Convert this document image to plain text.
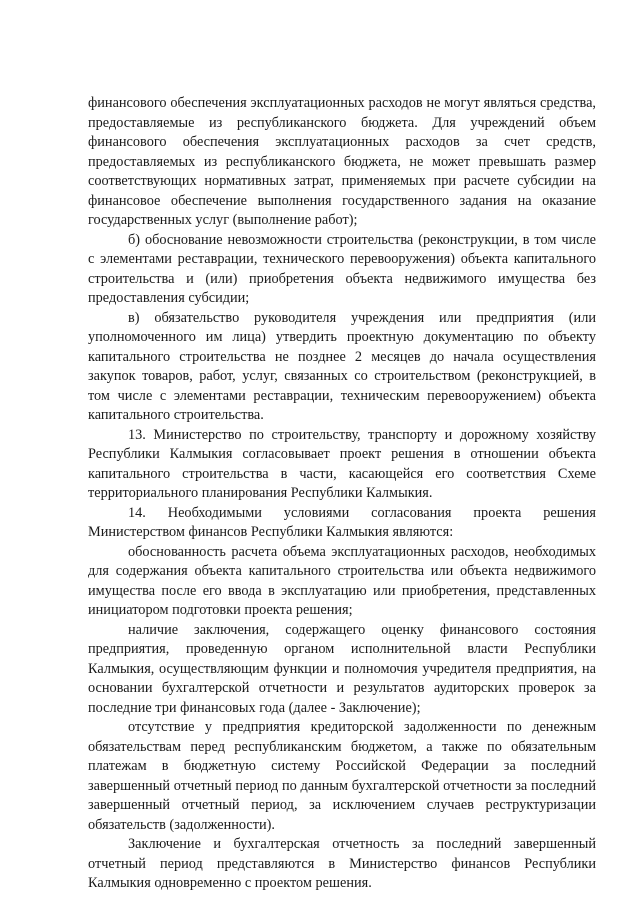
финансового обеспечения эксплуатационных расходов не могут являться средства, предоставляемые из республиканского бюджета. Для учреждений объем финансового обеспечения эксплуатационных расходов за счет средств, предоставляемых из республиканского бюджета, не может превышать размер соответствующих нормативных затрат, применяемых при расчете субсидии на финансовое обеспечение выполнения государственного задания на оказание государственных услуг (выполнение работ);

б) обоснование невозможности строительства (реконструкции, в том числе с элементами реставрации, технического перевооружения) объекта капитального строительства и (или) приобретения объекта недвижимого имущества без предоставления субсидии;

в) обязательство руководителя учреждения или предприятия (или уполномоченного им лица) утвердить проектную документацию по объекту капитального строительства не позднее 2 месяцев до начала осуществления закупок товаров, работ, услуг, связанных со строительством (реконструкцией, в том числе с элементами реставрации, техническим перевооружением) объекта капитального строительства.

13. Министерство по строительству, транспорту и дорожному хозяйству Республики Калмыкия согласовывает проект решения в отношении объекта капитального строительства в части, касающейся его соответствия Схеме территориального планирования Республики Калмыкия.

14. Необходимыми условиями согласования проекта решения Министерством финансов Республики Калмыкия являются:

обоснованность расчета объема эксплуатационных расходов, необходимых для содержания объекта капитального строительства или объекта недвижимого имущества после его ввода в эксплуатацию или приобретения, представленных инициатором подготовки проекта решения;

наличие заключения, содержащего оценку финансового состояния предприятия, проведенную органом исполнительной власти Республики Калмыкия, осуществляющим функции и полномочия учредителя предприятия, на основании бухгалтерской отчетности и результатов аудиторских проверок за последние три финансовых года (далее - Заключение);

отсутствие у предприятия кредиторской задолженности по денежным обязательствам перед республиканским бюджетом, а также по обязательным платежам в бюджетную систему Российской Федерации за последний завершенный отчетный период по данным бухгалтерской отчетности за последний завершенный отчетный период, за исключением случаев реструктуризации обязательств (задолженности).

Заключение и бухгалтерская отчетность за последний завершенный отчетный период представляются в Министерство финансов Республики Калмыкия одновременно с проектом решения.
